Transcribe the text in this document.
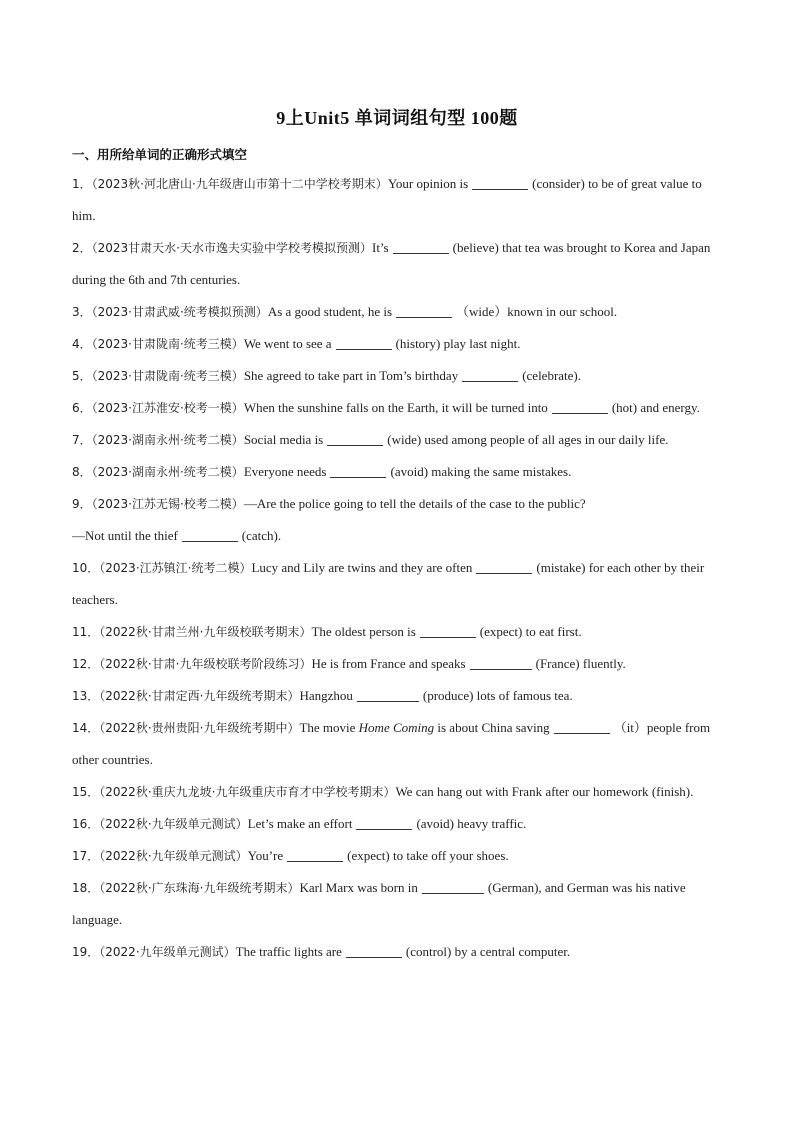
9上Unit5 单词词组句型 100题
一、用所给单词的正确形式填空
1．（2023秋·河北唐山·九年级唐山市第十二中学校考期末）Your opinion is	(consider) to be of great value to him.
2．（2023甘肃天水·天水市逸夫实验中学校考模拟预测）It’s	(believe) that tea was brought to Korea and Japan during the 6th and 7th centuries.
3．（2023·甘肃武威·统考模拟预测）As a good student, he is	（wide）known in our school.
4．（2023·甘肃陇南·统考三模）We went to see a	(history) play last night.
5．（2023·甘肃陇南·统考三模）She agreed to take part in Tom’s birthday	(celebrate).
6．（2023·江苏淮安·校考一模）When the sunshine falls on the Earth, it will be turned into	(hot) and energy.
7．（2023·湖南永州·统考二模）Social media is	(wide) used among people of all ages in our daily life.
8．（2023·湖南永州·统考二模）Everyone needs	(avoid) making the same mistakes.
9．（2023·江苏无锡·校考二模）—Are the police going to tell the details of the case to the public?
—Not until the thief	(catch).
10．（2023·江苏镇江·统考二模）Lucy and Lily are twins and they are often	(mistake) for each other by their teachers.
11．（2022秋·甘肃兰州·九年级校联考期末）The oldest person is	(expect) to eat first.
12．（2022秋·甘肃·九年级校联考阶段练习）He is from France and speaks	(France) fluently.
13．（2022秋·甘肃定西·九年级统考期末）Hangzhou	(produce) lots of famous tea.
14．（2022秋·贵州贵阳·九年级统考期中）The movie Home Coming is about China saving	（it）people from other countries.
15．（2022秋·重庆九龙坡·九年级重庆市育才中学校考期末）We can hang out with Frank after our homework (finish).
16．（2022秋·九年级单元测试）Let’s make an effort	(avoid) heavy traffic.
17．（2022秋·九年级单元测试）You’re	(expect) to take off your shoes.
18．（2022秋·广东珠海·九年级统考期末）Karl Marx was born in	(German), and German was his native language.
19．（2022·九年级单元测试）The traffic lights are	(control) by a central computer.
